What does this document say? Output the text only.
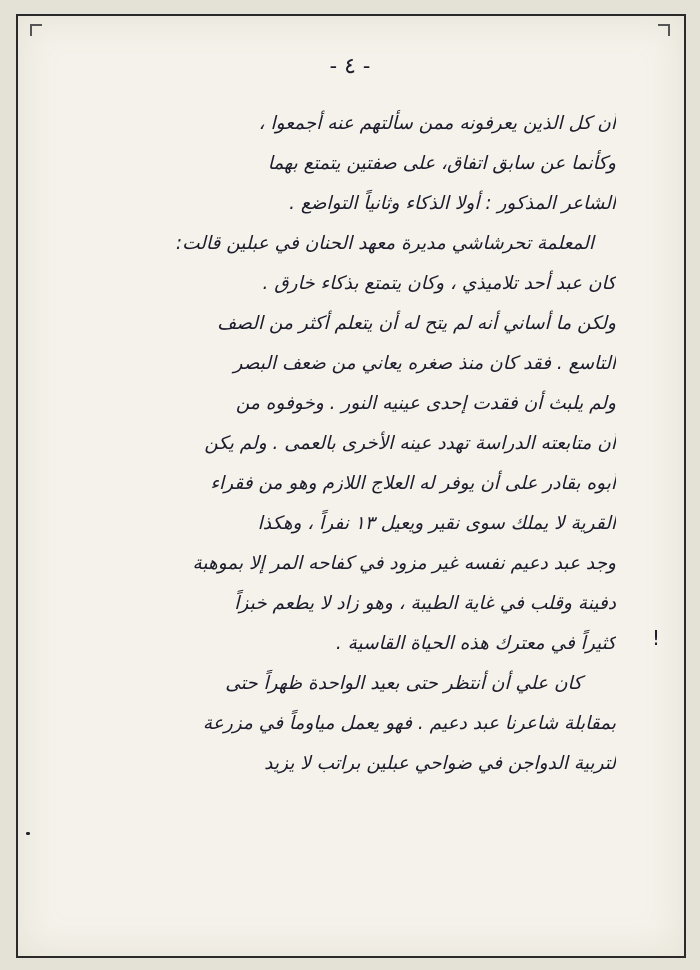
- ٤ -
أن كل الذين يعرفونه ممن سألتهم عنه أجمعوا ،
وكأنما عن سابق اتفاق، على صفتين يتمتع بهما
الشاعر المذكور : أولا الذكاء وثانياً التواضع .
المعلمة تحرشاشي مديرة معهد الحنان في عبلين قالت:
كان عبد أحد تلاميذي ، وكان يتمتع بذكاء خارق .
ولكن ما أساني أنه لم يتح له أن يتعلم أكثر من الصف
التاسع . فقد كان منذ صغره يعاني من ضعف البصر
ولم يلبث أن فقدت إحدى عينيه النور . وخوفوه من
أن متابعته الدراسة تهدد عينه الأخرى بالعمى . ولم يكن
أبوه بقادر على أن يوفر له العلاج اللازم وهو من فقراء
القرية لا يملك سوى نقير ويعيل ١٣ نفراً ، وهكذا
وجد عبد دعيم نفسه غير مزود في كفاحه المر إلا بموهبة
دفينة وقلب في غاية الطيبة ، وهو زاد لا يطعم خبزاً
كثيراً في معترك هذه الحياة القاسية .
كان علي أن أنتظر حتى بعيد الواحدة ظهراً حتى
بمقابلة شاعرنا عبد دعيم . فهو يعمل مياوماً في مزرعة
لتربية الدواجن في ضواحي عبلين براتب لا يزيد
!
